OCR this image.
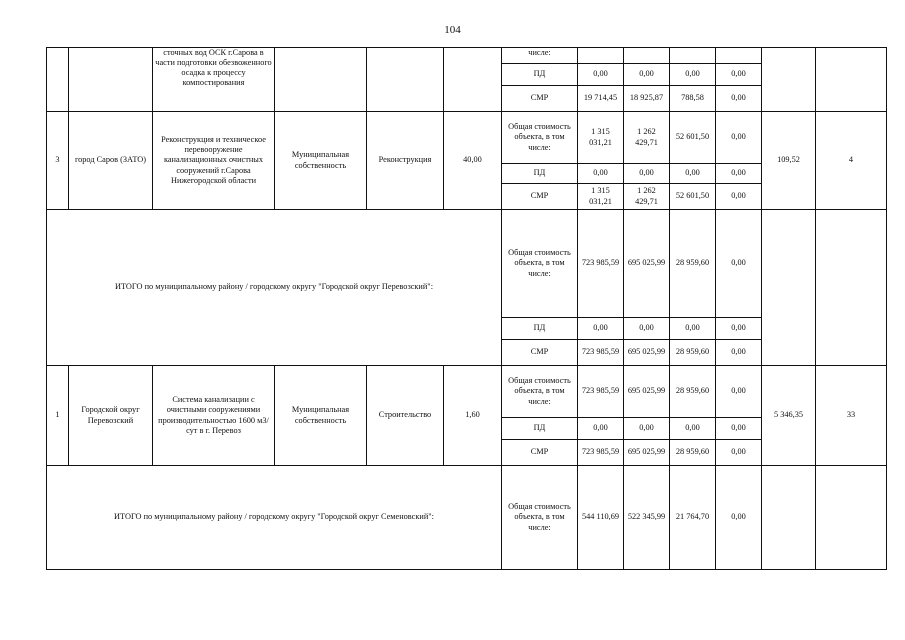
104
		сточных вод ОСК г.Сарова в части подготовки обезвоженного осадка к процессу компостирования				числе:						
						ПД	0,00	0,00	0,00	0,00		
						СМР	19 714,45	18 925,87	788,58	0,00		
3	город Саров (ЗАТО)	Реконструкция и техническое перевооружение канализационных очистных сооружений г.Сарова Нижегородской области	Муниципальная собственность	Реконструкция	40,00	Общая стоимость объекта, в том числе:	1 315 031,21	1 262 429,71	52 601,50	0,00	109,52	4
						ПД	0,00	0,00	0,00	0,00		
						СМР	1 315 031,21	1 262 429,71	52 601,50	0,00		
ИТОГО по муниципальному району / городскому округу "Городской округ Перевозский":						Общая стоимость объекта, в том числе:	723 985,59	695 025,99	28 959,60	0,00		
						ПД	0,00	0,00	0,00	0,00		
						СМР	723 985,59	695 025,99	28 959,60	0,00		
1	Городской округ Перевозский	Система канализации с очистными сооружениями производительностью 1600 м3/сут в г. Перевоз	Муниципальная собственность	Строительство	1,60	Общая стоимость объекта, в том числе:	723 985,59	695 025,99	28 959,60	0,00	5 346,35	33
						ПД	0,00	0,00	0,00	0,00		
						СМР	723 985,59	695 025,99	28 959,60	0,00		
ИТОГО по муниципальному району / городскому округу "Городской округ Семеновский":						Общая стоимость объекта, в том числе:	544 110,69	522 345,99	21 764,70	0,00		
